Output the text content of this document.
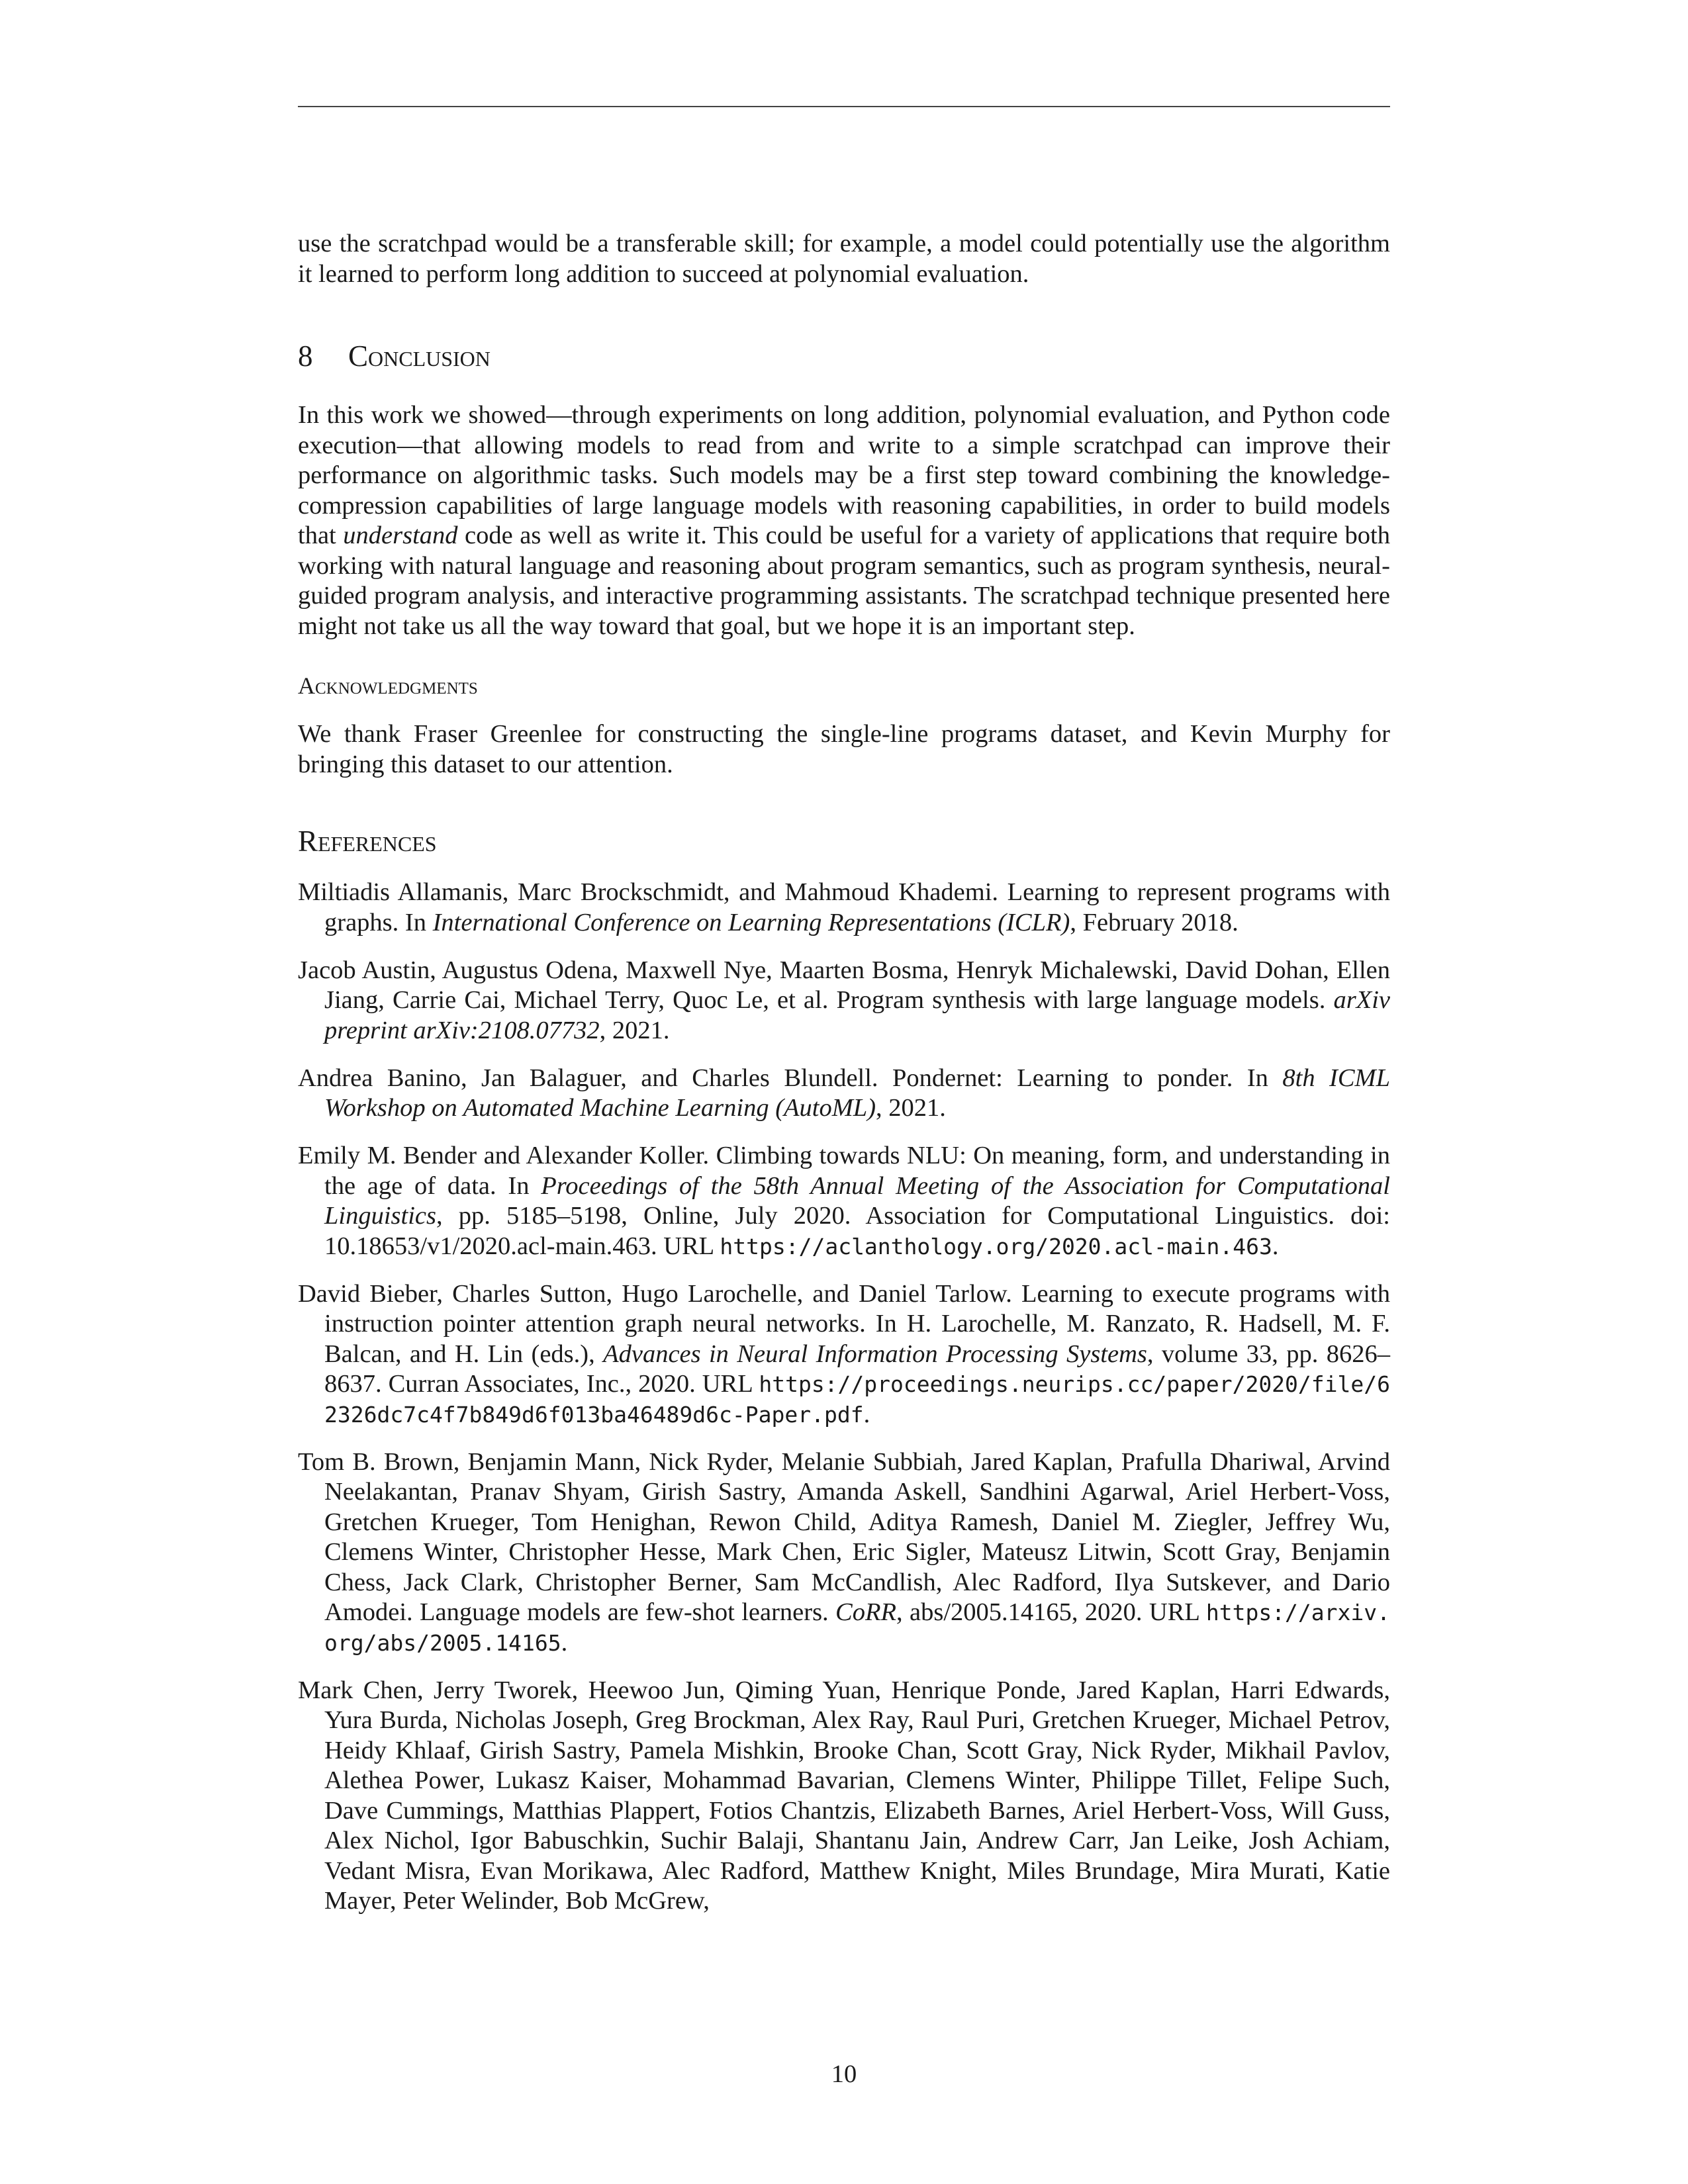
use the scratchpad would be a transferable skill; for example, a model could potentially use the algorithm it learned to perform long addition to succeed at polynomial evaluation.

8 Conclusion

In this work we showed—through experiments on long addition, polynomial evaluation, and Python code execution—that allowing models to read from and write to a simple scratchpad can improve their performance on algorithmic tasks. Such models may be a first step toward combining the knowledge-compression capabilities of large language models with reasoning capabilities, in order to build models that understand code as well as write it. This could be useful for a variety of applications that require both working with natural language and reasoning about program semantics, such as program synthesis, neural-guided program analysis, and interactive programming assistants. The scratchpad technique presented here might not take us all the way toward that goal, but we hope it is an important step.

Acknowledgments

We thank Fraser Greenlee for constructing the single-line programs dataset, and Kevin Murphy for bringing this dataset to our attention.

References
Miltiadis Allamanis, Marc Brockschmidt, and Mahmoud Khademi. Learning to represent programs with graphs. In International Conference on Learning Representations (ICLR), February 2018.
Jacob Austin, Augustus Odena, Maxwell Nye, Maarten Bosma, Henryk Michalewski, David Dohan, Ellen Jiang, Carrie Cai, Michael Terry, Quoc Le, et al. Program synthesis with large language models. arXiv preprint arXiv:2108.07732, 2021.
Andrea Banino, Jan Balaguer, and Charles Blundell. Pondernet: Learning to ponder. In 8th ICML Workshop on Automated Machine Learning (AutoML), 2021.
Emily M. Bender and Alexander Koller. Climbing towards NLU: On meaning, form, and understanding in the age of data. In Proceedings of the 58th Annual Meeting of the Association for Computational Linguistics, pp. 5185–5198, Online, July 2020. Association for Computational Linguistics. doi: 10.18653/v1/2020.acl-main.463. URL https://aclanthology.org/2020.acl-main.463.
David Bieber, Charles Sutton, Hugo Larochelle, and Daniel Tarlow. Learning to execute programs with instruction pointer attention graph neural networks. In H. Larochelle, M. Ranzato, R. Hadsell, M. F. Balcan, and H. Lin (eds.), Advances in Neural Information Processing Systems, volume 33, pp. 8626–8637. Curran Associates, Inc., 2020. URL https://proceedings.neurips.cc/paper/2020/file/62326dc7c4f7b849d6f013ba46489d6c-Paper.pdf.
Tom B. Brown, Benjamin Mann, Nick Ryder, Melanie Subbiah, Jared Kaplan, Prafulla Dhariwal, Arvind Neelakantan, Pranav Shyam, Girish Sastry, Amanda Askell, Sandhini Agarwal, Ariel Herbert-Voss, Gretchen Krueger, Tom Henighan, Rewon Child, Aditya Ramesh, Daniel M. Ziegler, Jeffrey Wu, Clemens Winter, Christopher Hesse, Mark Chen, Eric Sigler, Mateusz Litwin, Scott Gray, Benjamin Chess, Jack Clark, Christopher Berner, Sam McCandlish, Alec Radford, Ilya Sutskever, and Dario Amodei. Language models are few-shot learners. CoRR, abs/2005.14165, 2020. URL https://arxiv.org/abs/2005.14165.
Mark Chen, Jerry Tworek, Heewoo Jun, Qiming Yuan, Henrique Ponde, Jared Kaplan, Harri Edwards, Yura Burda, Nicholas Joseph, Greg Brockman, Alex Ray, Raul Puri, Gretchen Krueger, Michael Petrov, Heidy Khlaaf, Girish Sastry, Pamela Mishkin, Brooke Chan, Scott Gray, Nick Ryder, Mikhail Pavlov, Alethea Power, Lukasz Kaiser, Mohammad Bavarian, Clemens Winter, Philippe Tillet, Felipe Such, Dave Cummings, Matthias Plappert, Fotios Chantzis, Elizabeth Barnes, Ariel Herbert-Voss, Will Guss, Alex Nichol, Igor Babuschkin, Suchir Balaji, Shantanu Jain, Andrew Carr, Jan Leike, Josh Achiam, Vedant Misra, Evan Morikawa, Alec Radford, Matthew Knight, Miles Brundage, Mira Murati, Katie Mayer, Peter Welinder, Bob McGrew,
10
